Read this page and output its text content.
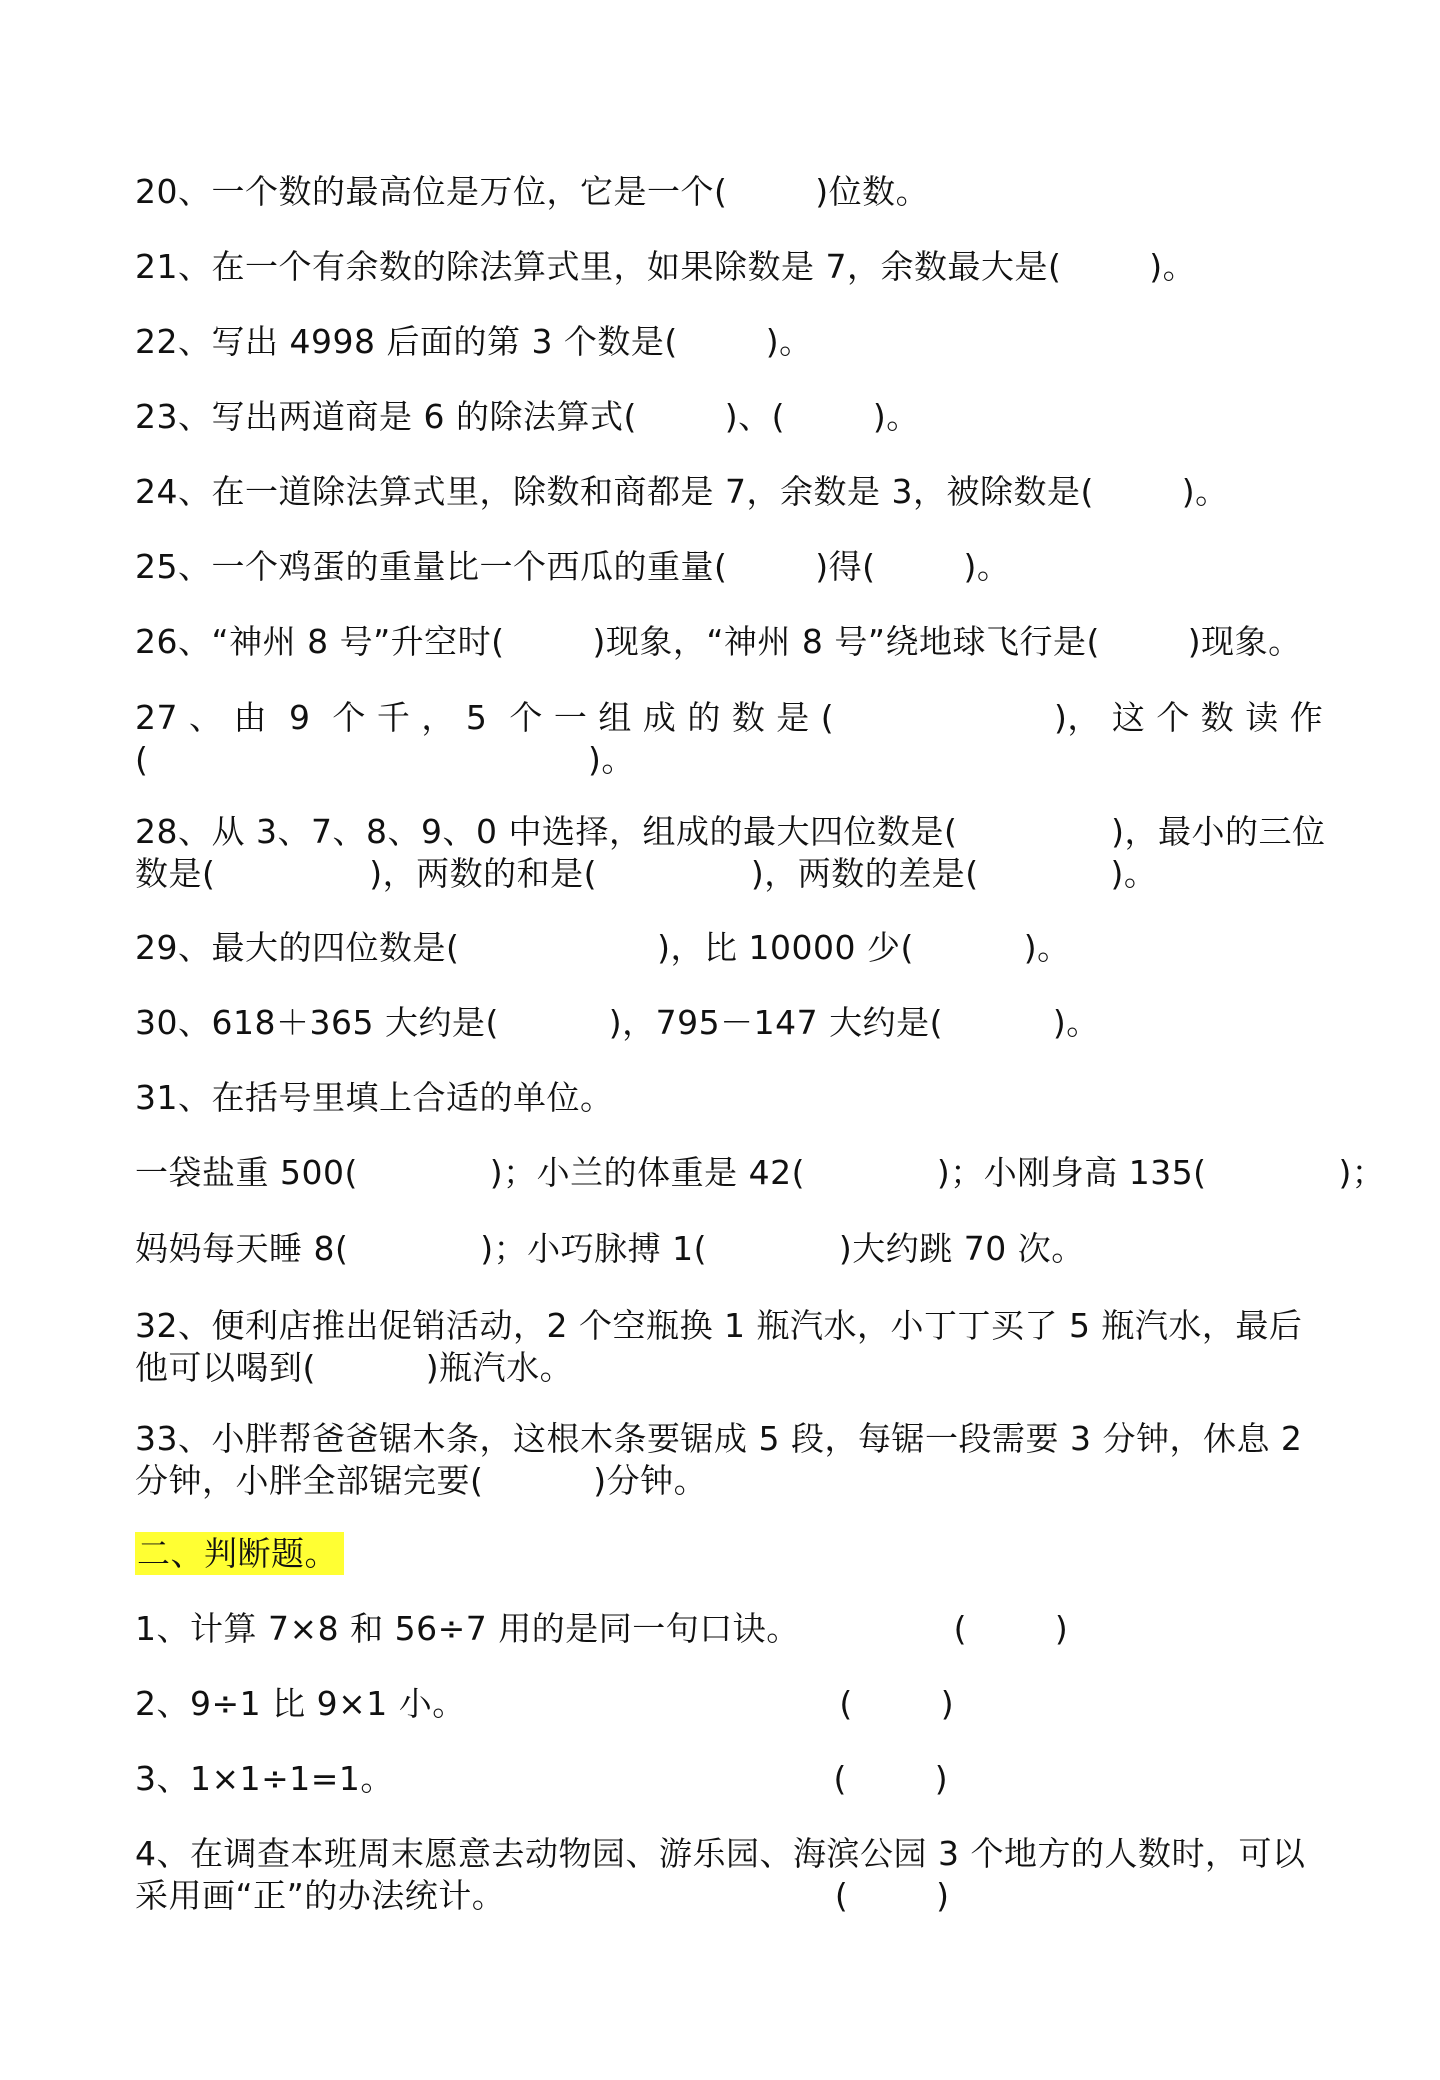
20、一个数的最高位是万位，它是一个(        )位数。
21、在一个有余数的除法算式里，如果除数是 7，余数最大是(        )。
22、写出 4998 后面的第 3 个数是(        )。
23、写出两道商是 6 的除法算式(        )、(        )。
24、在一道除法算式里，除数和商都是 7，余数是 3，被除数是(        )。
25、一个鸡蛋的重量比一个西瓜的重量(        )得(        )。
26、“神州 8 号”升空时(        )现象，“神州 8 号”绕地球飞行是(        )现象。
27 、 由  9  个 千 ， 5  个 一 组 成 的 数 是 (                    )， 这 个 数 读 作
(                                        )。
28、从 3、7、8、9、0 中选择，组成的最大四位数是(              )，最小的三位
数是(              )，两数的和是(              )，两数的差是(            )。
29、最大的四位数是(                  )，比 10000 少(          )。
30、618＋365 大约是(          )，795－147 大约是(          )。
31、在括号里填上合适的单位。
一袋盐重 500(            )；小兰的体重是 42(            )；小刚身高 135(            )；
妈妈每天睡 8(            )；小巧脉搏 1(            )大约跳 70 次。
32、便利店推出促销活动，2 个空瓶换 1 瓶汽水，小丁丁买了 5 瓶汽水，最后
他可以喝到(          )瓶汽水。
33、小胖帮爸爸锯木条，这根木条要锯成 5 段，每锯一段需要 3 分钟，休息 2
分钟，小胖全部锯完要(          )分钟。
二、判断题。
1、计算 7×8 和 56÷7 用的是同一句口诀。              (        )
2、9÷1 比 9×1 小。                                  (        )
3、1×1÷1=1。                                        (        )
4、在调查本班周末愿意去动物园、游乐园、海滨公园 3 个地方的人数时，可以
采用画“正”的办法统计。                              (        )
